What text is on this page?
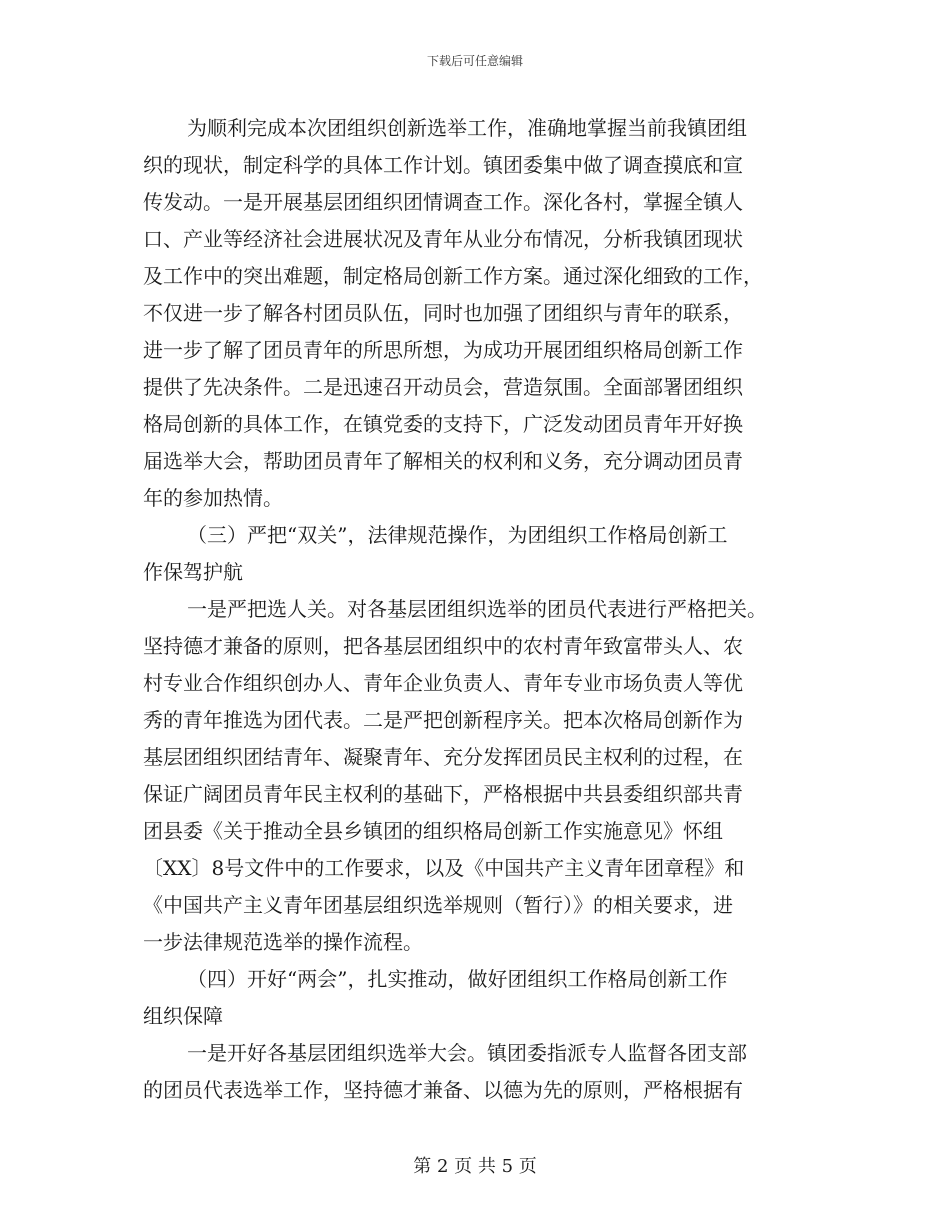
下载后可任意编辑
为顺利完成本次团组织创新选举工作，准确地掌握当前我镇团组
织的现状，制定科学的具体工作计划。镇团委集中做了调查摸底和宣
传发动。一是开展基层团组织团情调查工作。深化各村，掌握全镇人
口、产业等经济社会进展状况及青年从业分布情况，分析我镇团现状
及工作中的突出难题，制定格局创新工作方案。通过深化细致的工作，
不仅进一步了解各村团员队伍，同时也加强了团组织与青年的联系，
进一步了解了团员青年的所思所想，为成功开展团组织格局创新工作
提供了先决条件。二是迅速召开动员会，营造氛围。全面部署团组织
格局创新的具体工作，在镇党委的支持下，广泛发动团员青年开好换
届选举大会，帮助团员青年了解相关的权利和义务，充分调动团员青
年的参加热情。
（三）严把“双关”，法律规范操作，为团组织工作格局创新工
作保驾护航
一是严把选人关。对各基层团组织选举的团员代表进行严格把关。
坚持德才兼备的原则，把各基层团组织中的农村青年致富带头人、农
村专业合作组织创办人、青年企业负责人、青年专业市场负责人等优
秀的青年推选为团代表。二是严把创新程序关。把本次格局创新作为
基层团组织团结青年、凝聚青年、充分发挥团员民主权利的过程，在
保证广阔团员青年民主权利的基础下，严格根据中共县委组织部共青
团县委《关于推动全县乡镇团的组织格局创新工作实施意见》怀组
〔XX〕8号文件中的工作要求，以及《中国共产主义青年团章程》和
《中国共产主义青年团基层组织选举规则（暂行）》的相关要求，进
一步法律规范选举的操作流程。
（四）开好“两会”，扎实推动，做好团组织工作格局创新工作
组织保障
一是开好各基层团组织选举大会。镇团委指派专人监督各团支部
的团员代表选举工作，坚持德才兼备、以德为先的原则，严格根据有
第 2 页 共 5 页
